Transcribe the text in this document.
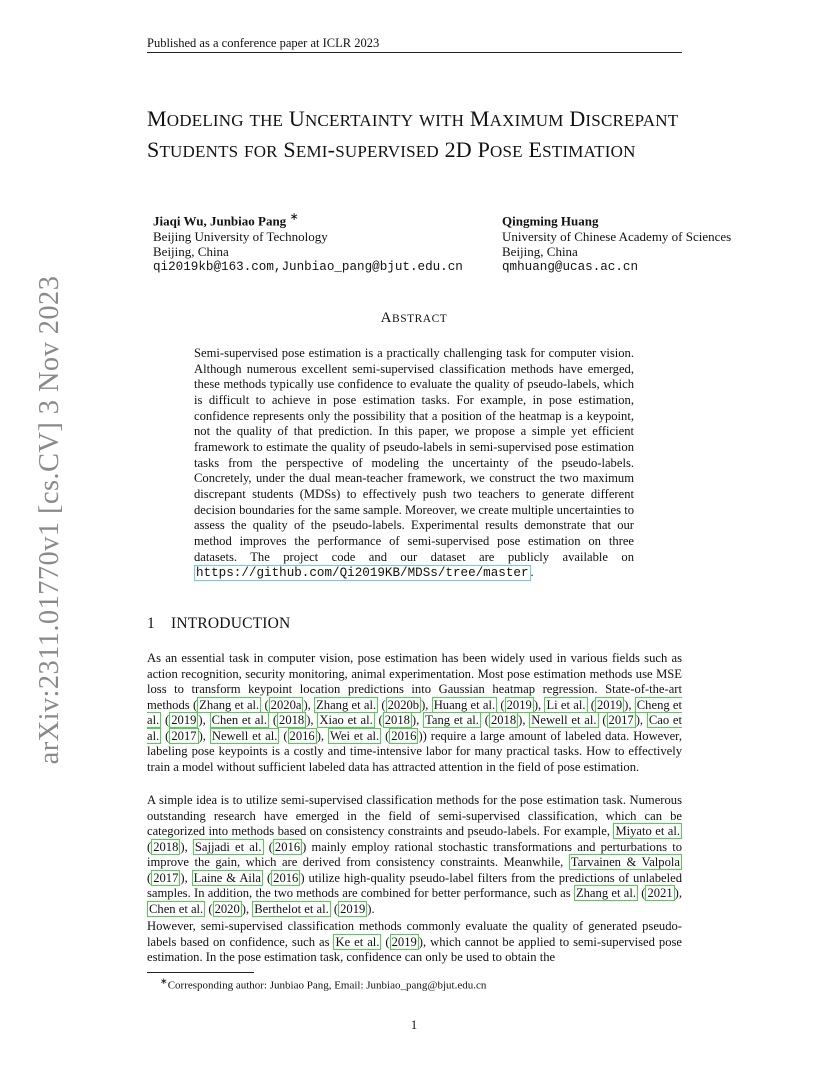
Published as a conference paper at ICLR 2023
arXiv:2311.01770v1 [cs.CV] 3 Nov 2023
MODELING THE UNCERTAINTY WITH MAXIMUM DISCREPANT STUDENTS FOR SEMI-SUPERVISED 2D POSE ESTIMATION
Jiaqi Wu, Junbiao Pang ∗
Beijing University of Technology
Beijing, China
qi2019kb@163.com,Junbiao_pang@bjut.edu.cn
Qingming Huang
University of Chinese Academy of Sciences
Beijing, China
qmhuang@ucas.ac.cn
ABSTRACT
Semi-supervised pose estimation is a practically challenging task for computer vision. Although numerous excellent semi-supervised classification methods have emerged, these methods typically use confidence to evaluate the quality of pseudo-labels, which is difficult to achieve in pose estimation tasks. For example, in pose estimation, confidence represents only the possibility that a position of the heatmap is a keypoint, not the quality of that prediction. In this paper, we propose a simple yet efficient framework to estimate the quality of pseudo-labels in semi-supervised pose estimation tasks from the perspective of modeling the uncertainty of the pseudo-labels. Concretely, under the dual mean-teacher framework, we construct the two maximum discrepant students (MDSs) to effectively push two teachers to generate different decision boundaries for the same sample. Moreover, we create multiple uncertainties to assess the quality of the pseudo-labels. Experimental results demonstrate that our method improves the performance of semi-supervised pose estimation on three datasets. The project code and our dataset are publicly available on https://github.com/Qi2019KB/MDSs/tree/master .
1 INTRODUCTION

As an essential task in computer vision, pose estimation has been widely used in various fields such as action recognition, security monitoring, animal experimentation. Most pose estimation methods use MSE loss to transform keypoint location predictions into Gaussian heatmap regression. State-of-the-art methods ( Zhang et al. ( 2020a ), Zhang et al. ( 2020b ), Huang et al. ( 2019 ), Li et al. ( 2019 ), Cheng et al. ( 2019 ), Chen et al. ( 2018 ), Xiao et al. ( 2018 ), Tang et al. ( 2018 ), Newell et al. ( 2017 ), Cao et al. ( 2017 ), Newell et al. ( 2016 ), Wei et al. ( 2016 )) require a large amount of labeled data. However, labeling pose keypoints is a costly and time-intensive labor for many practical tasks. How to effectively train a model without sufficient labeled data has attracted attention in the field of pose estimation.

A simple idea is to utilize semi-supervised classification methods for the pose estimation task. Numerous outstanding research have emerged in the field of semi-supervised classification, which can be categorized into methods based on consistency constraints and pseudo-labels. For example, Miyato et al. ( 2018 ), Sajjadi et al. ( 2016 ) mainly employ rational stochastic transformations and perturbations to improve the gain, which are derived from consistency constraints. Meanwhile, Tarvainen & Valpola ( 2017 ), Laine & Aila ( 2016 ) utilize high-quality pseudo-label filters from the predictions of unlabeled samples. In addition, the two methods are combined for better performance, such as Zhang et al. ( 2021 ), Chen et al. ( 2020 ), Berthelot et al. ( 2019 ).

However, semi-supervised classification methods commonly evaluate the quality of generated pseudo-labels based on confidence, such as Ke et al. ( 2019 ), which cannot be applied to semi-supervised pose estimation. In the pose estimation task, confidence can only be used to obtain the

∗Corresponding author: Junbiao Pang, Email: Junbiao_pang@bjut.edu.cn
1
